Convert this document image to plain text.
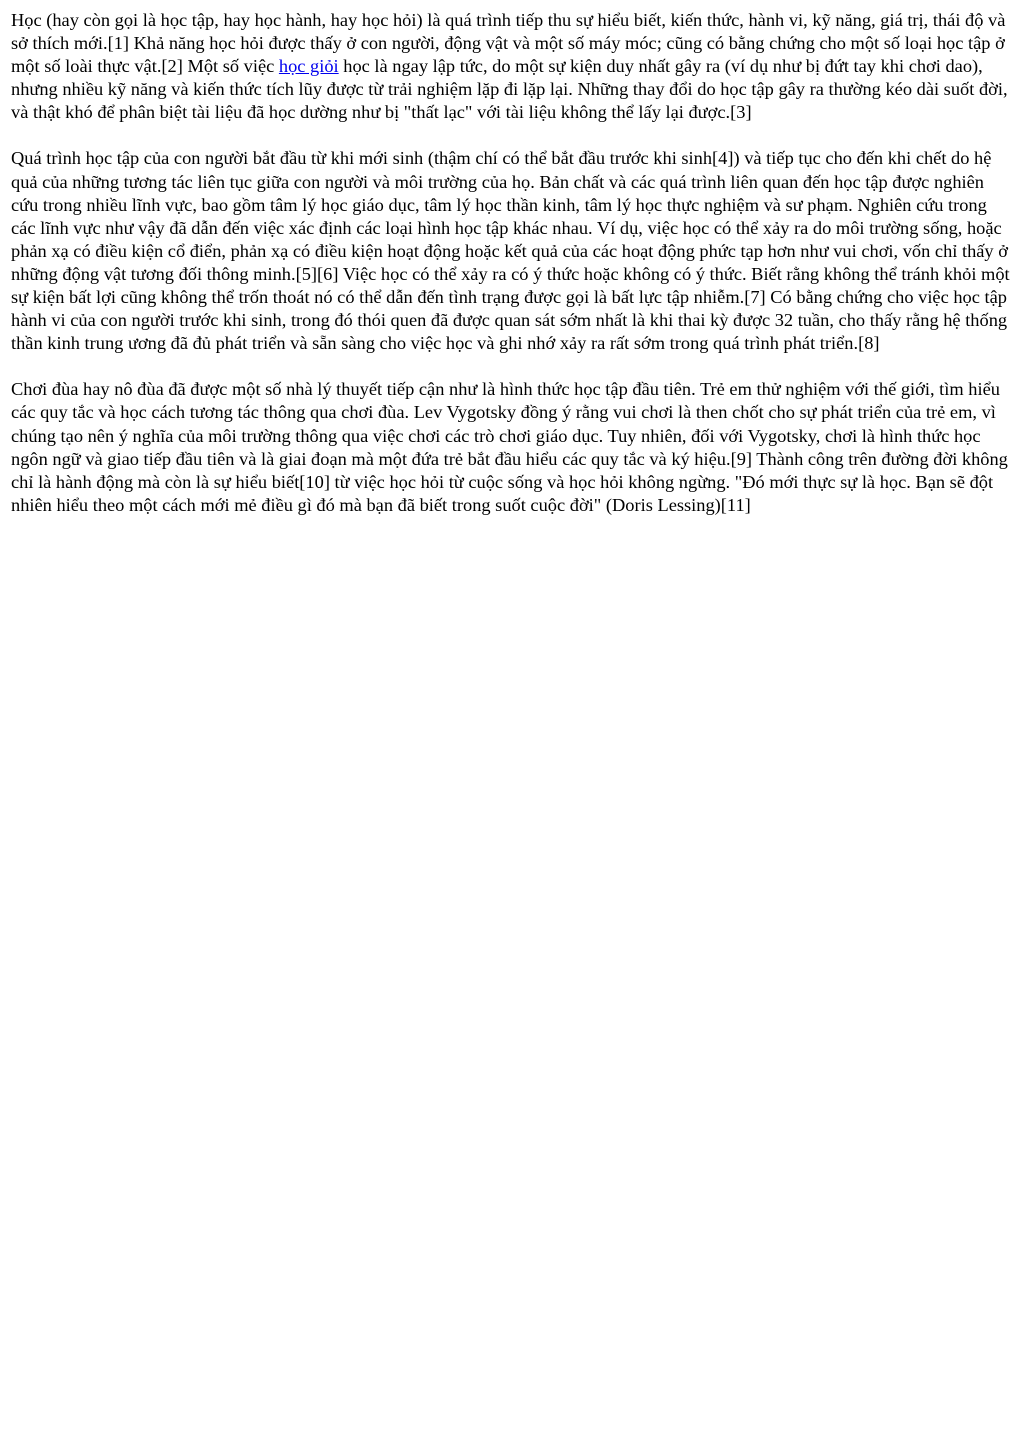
Học (hay còn gọi là học tập, hay học hành, hay học hỏi) là quá trình tiếp thu sự hiểu biết, kiến thức, hành vi, kỹ năng, giá trị, thái độ và sở thích mới.[1] Khả năng học hỏi được thấy ở con người, động vật và một số máy móc; cũng có bằng chứng cho một số loại học tập ở một số loài thực vật.[2] Một số việc học giỏi học là ngay lập tức, do một sự kiện duy nhất gây ra (ví dụ như bị đứt tay khi chơi dao), nhưng nhiều kỹ năng và kiến thức tích lũy được từ trải nghiệm lặp đi lặp lại. Những thay đổi do học tập gây ra thường kéo dài suốt đời, và thật khó để phân biệt tài liệu đã học dường như bị "thất lạc" với tài liệu không thể lấy lại được.[3]

Quá trình học tập của con người bắt đầu từ khi mới sinh (thậm chí có thể bắt đầu trước khi sinh[4]) và tiếp tục cho đến khi chết do hệ quả của những tương tác liên tục giữa con người và môi trường của họ. Bản chất và các quá trình liên quan đến học tập được nghiên cứu trong nhiều lĩnh vực, bao gồm tâm lý học giáo dục, tâm lý học thần kinh, tâm lý học thực nghiệm và sư phạm. Nghiên cứu trong các lĩnh vực như vậy đã dẫn đến việc xác định các loại hình học tập khác nhau. Ví dụ, việc học có thể xảy ra do môi trường sống, hoặc phản xạ có điều kiện cổ điển, phản xạ có điều kiện hoạt động hoặc kết quả của các hoạt động phức tạp hơn như vui chơi, vốn chỉ thấy ở những động vật tương đối thông minh.[5][6] Việc học có thể xảy ra có ý thức hoặc không có ý thức. Biết rằng không thể tránh khỏi một sự kiện bất lợi cũng không thể trốn thoát nó có thể dẫn đến tình trạng được gọi là bất lực tập nhiễm.[7] Có bằng chứng cho việc học tập hành vi của con người trước khi sinh, trong đó thói quen đã được quan sát sớm nhất là khi thai kỳ được 32 tuần, cho thấy rằng hệ thống thần kinh trung ương đã đủ phát triển và sẵn sàng cho việc học và ghi nhớ xảy ra rất sớm trong quá trình phát triển.[8]

Chơi đùa hay nô đùa đã được một số nhà lý thuyết tiếp cận như là hình thức học tập đầu tiên. Trẻ em thử nghiệm với thế giới, tìm hiểu các quy tắc và học cách tương tác thông qua chơi đùa. Lev Vygotsky đồng ý rằng vui chơi là then chốt cho sự phát triển của trẻ em, vì chúng tạo nên ý nghĩa của môi trường thông qua việc chơi các trò chơi giáo dục. Tuy nhiên, đối với Vygotsky, chơi là hình thức học ngôn ngữ và giao tiếp đầu tiên và là giai đoạn mà một đứa trẻ bắt đầu hiểu các quy tắc và ký hiệu.[9] Thành công trên đường đời không chỉ là hành động mà còn là sự hiểu biết[10] từ việc học hỏi từ cuộc sống và học hỏi không ngừng. "Đó mới thực sự là học. Bạn sẽ đột nhiên hiểu theo một cách mới mẻ điều gì đó mà bạn đã biết trong suốt cuộc đời" (Doris Lessing)[11]
